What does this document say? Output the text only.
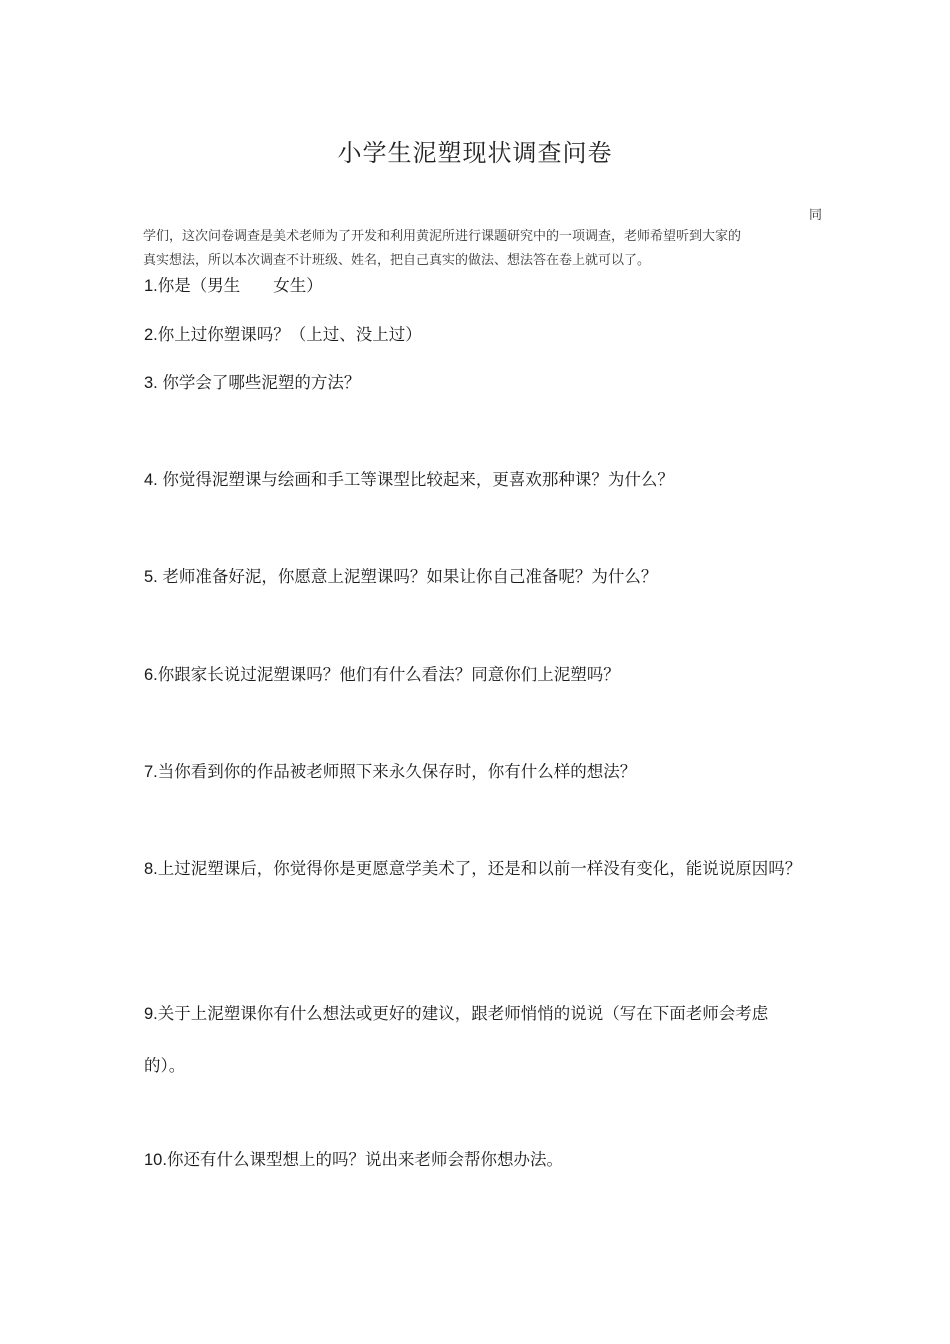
小学生泥塑现状调查问卷
同
学们，这次问卷调查是美术老师为了开发和利用黄泥所进行课题研究中的一项调查，老师希望听到大家的
真实想法，所以本次调查不计班级、姓名，把自己真实的做法、想法答在卷上就可以了。
1.你是（男生　　女生）
2.你上过你塑课吗？（上过、没上过）
3. 你学会了哪些泥塑的方法？
4. 你觉得泥塑课与绘画和手工等课型比较起来，更喜欢那种课？为什么？
5. 老师准备好泥，你愿意上泥塑课吗？如果让你自己准备呢？为什么？
6.你跟家长说过泥塑课吗？他们有什么看法？同意你们上泥塑吗？
7.当你看到你的作品被老师照下来永久保存时，你有什么样的想法？
8.上过泥塑课后，你觉得你是更愿意学美术了，还是和以前一样没有变化，能说说原因吗？
9.关于上泥塑课你有什么想法或更好的建议，跟老师悄悄的说说（写在下面老师会考虑的）。
10.你还有什么课型想上的吗？说出来老师会帮你想办法。
